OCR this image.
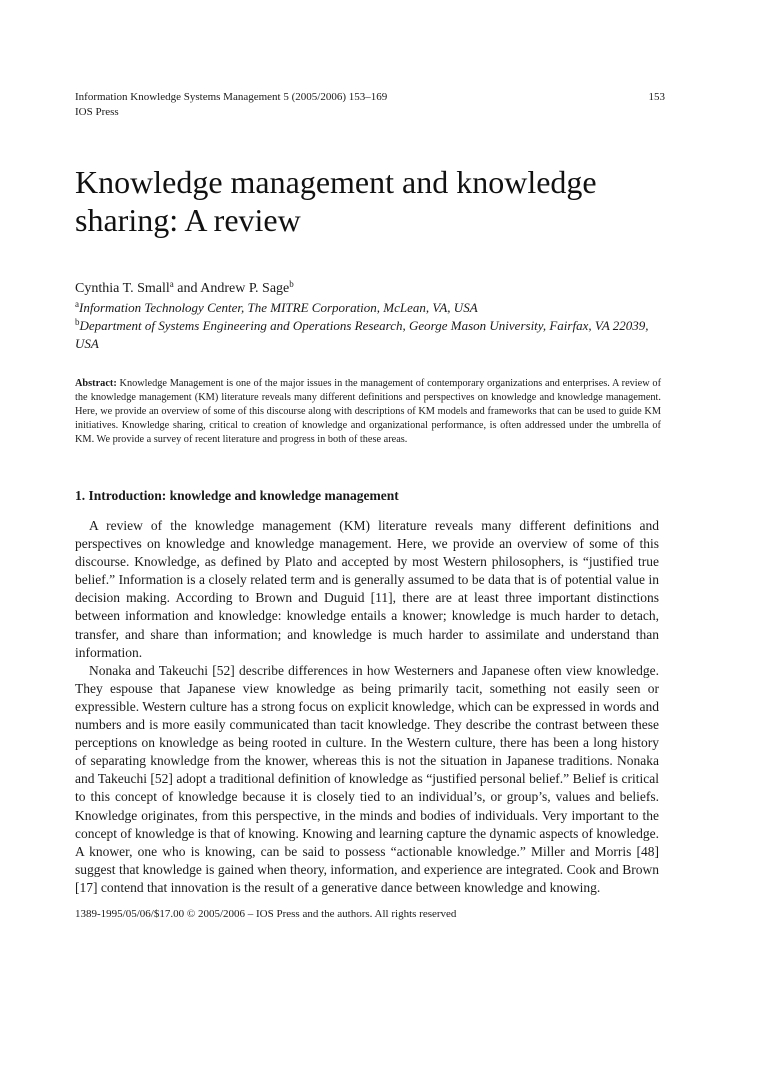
Information Knowledge Systems Management 5 (2005/2006) 153–169	153
IOS Press
Knowledge management and knowledge
sharing: A review
Cynthia T. Small$^a$ and Andrew P. Sage$^b$
$^a$Information Technology Center, The MITRE Corporation, McLean, VA, USA
$^b$Department of Systems Engineering and Operations Research, George Mason University, Fairfax, VA 22039, USA

Abstract: Knowledge Management is one of the major issues in the management of contemporary organizations and enterprises. A review of the knowledge management (KM) literature reveals many different definitions and perspectives on knowledge and knowledge management. Here, we provide an overview of some of this discourse along with descriptions of KM models and frameworks that can be used to guide KM initiatives. Knowledge sharing, critical to creation of knowledge and organizational performance, is often addressed under the umbrella of KM. We provide a survey of recent literature and progress in both of these areas.

1. Introduction: knowledge and knowledge management

A review of the knowledge management (KM) literature reveals many different definitions and perspectives on knowledge and knowledge management. Here, we provide an overview of some of this discourse. Knowledge, as defined by Plato and accepted by most Western philosophers, is “justified true belief.” Information is a closely related term and is generally assumed to be data that is of potential value in decision making. According to Brown and Duguid [11], there are at least three important distinctions between information and knowledge: knowledge entails a knower; knowledge is much harder to detach, transfer, and share than information; and knowledge is much harder to assimilate and understand than information.

Nonaka and Takeuchi [52] describe differences in how Westerners and Japanese often view knowledge. They espouse that Japanese view knowledge as being primarily tacit, something not easily seen or expressible. Western culture has a strong focus on explicit knowledge, which can be expressed in words and numbers and is more easily communicated than tacit knowledge. They describe the contrast between these perceptions on knowledge as being rooted in culture. In the Western culture, there has been a long history of separating knowledge from the knower, whereas this is not the situation in Japanese traditions. Nonaka and Takeuchi [52] adopt a traditional definition of knowledge as “justified personal belief.” Belief is critical to this concept of knowledge because it is closely tied to an individual’s, or group’s, values and beliefs. Knowledge originates, from this perspective, in the minds and bodies of individuals. Very important to the concept of knowledge is that of knowing. Knowing and learning capture the dynamic aspects of knowledge. A knower, one who is knowing, can be said to possess “actionable knowledge.” Miller and Morris [48] suggest that knowledge is gained when theory, information, and experience are integrated. Cook and Brown [17] contend that innovation is the result of a generative dance between knowledge and knowing.

1389-1995/05/06/$17.00 © 2005/2006 – IOS Press and the authors. All rights reserved
